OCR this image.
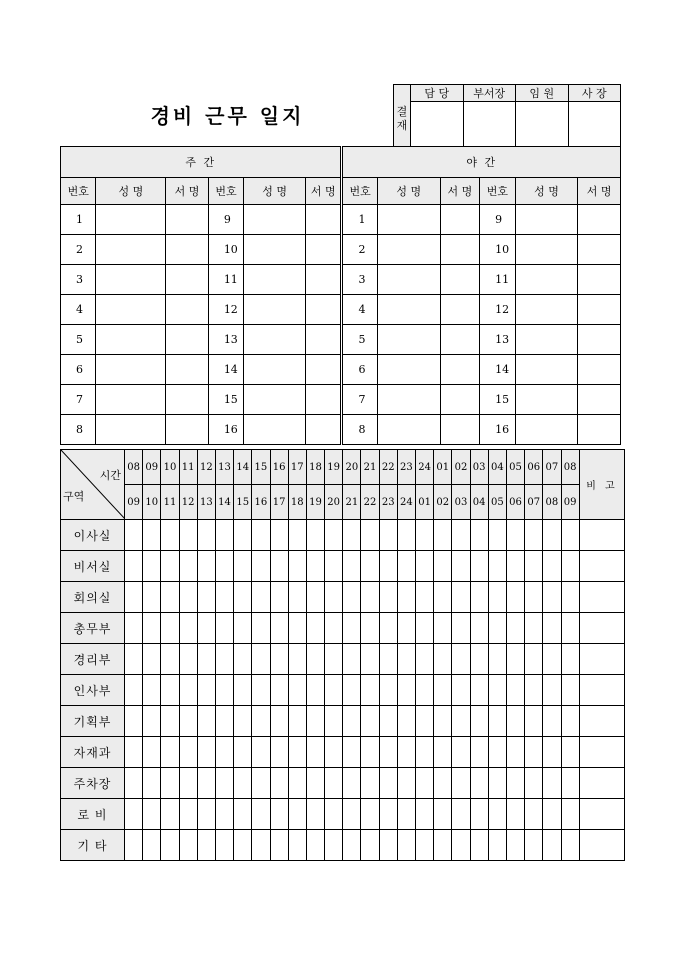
경비 근무 일지	결
재	담 당	부서장	임 원	사 장

주 간						야 간					
번호	성 명	서 명	번호	성 명	서 명	번호	성 명	서 명	번호	성 명	서 명
1			9			1			9		
2			10			2			10		
3			11			3			11		
4			12			4			12		
5			13			5			13		
6			14			6			14		
7			15			7			15		
8			16			8			16		
시간
구역	08	09	10	11	12	13	14	15	16	17	18	19	20	21	22	23	24	01	02	03	04	05	06	07	08	비 고
	09	10	11	12	13	14	15	16	17	18	19	20	21	22	23	24	01	02	03	04	05	06	07	08	09	
이사실																										
비서실																										
회의실																										
총무부																										
경리부																										
인사부																										
기획부																										
자재과																										
주차장																										
로 비																										
기 타																										
